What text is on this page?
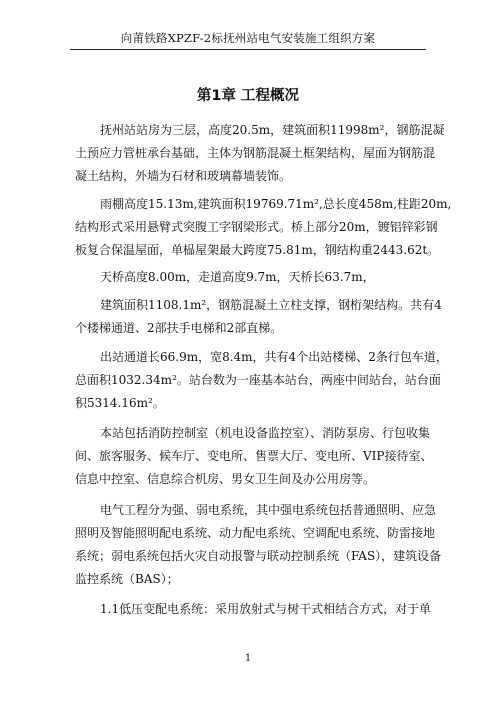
向莆铁路XPZF-2标抚州站电气安装施工组织方案
第1章 工程概况
抚州站站房为三层，高度20.5m，建筑面积11998m²，钢筋混凝
土预应力管桩承台基础，主体为钢筋混凝土框架结构，屋面为钢筋混
凝土结构，外墙为石材和玻璃幕墙装饰。
雨棚高度15.13m,建筑面积19769.71m²,总长度458m,柱距20m,
结构形式采用悬臂式突腹工字钢梁形式。桥上部分20m，镀铝锌彩钢
板复合保温屋面，单榀屋架最大跨度75.81m，钢结构重2443.62t。
天桥高度8.00m，走道高度9.7m，天桥长63.7m，
建筑面积1108.1m²，钢筋混凝土立柱支撑，钢桁架结构。共有4
个楼梯通道、2部扶手电梯和2部直梯。
出站通道长66.9m，宽8.4m，共有4个出站楼梯、2条行包车道，
总面积1032.34m²。站台数为一座基本站台，两座中间站台，站台面
积5314.16m²。
本站包括消防控制室（机电设备监控室）、消防泵房、行包收集
间、旅客服务、候车厅、变电所、售票大厅、变电所、VIP接待室、
信息中控室、信息综合机房、男女卫生间及办公用房等。
电气工程分为强、弱电系统，其中强电系统包括普通照明、应急
照明及智能照明配电系统、动力配电系统、空调配电系统、防雷接地
系统；弱电系统包括火灾自动报警与联动控制系统（FAS），建筑设备
监控系统（BAS）；
1.1低压变配电系统：采用放射式与树干式相结合方式，对于单
1
